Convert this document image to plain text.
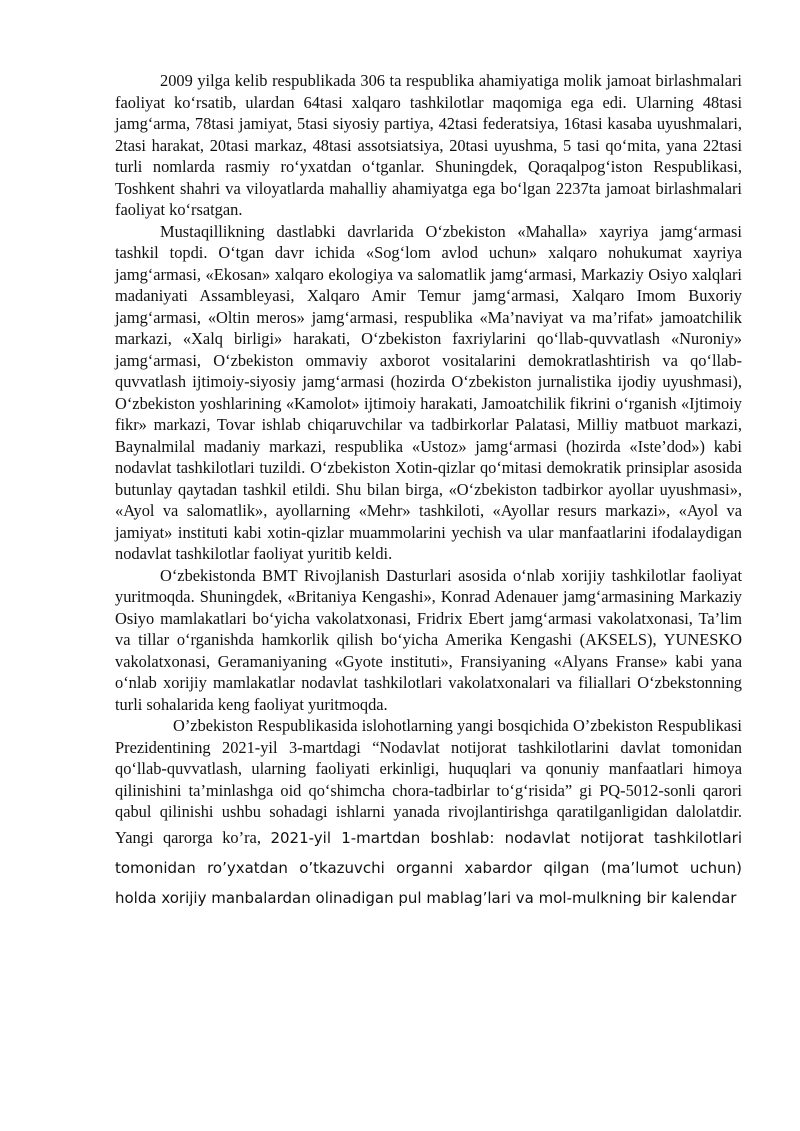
2009 yilga kelib respublikada 306 ta respublika ahamiyatiga molik jamoat birlashmalari faoliyat ko‘rsatib, ulardan 64tasi xalqaro tashkilotlar maqomiga ega edi. Ularning 48tasi jamg‘arma, 78tasi jamiyat, 5tasi siyosiy partiya, 42tasi federatsiya, 16tasi kasaba uyushmalari, 2tasi harakat, 20tasi markaz, 48tasi assotsiatsiya, 20tasi uyushma, 5 tasi qo‘mita, yana 22tasi turli nomlarda rasmiy ro‘yxatdan o‘tganlar. Shuningdek, Qoraqalpog‘iston Respublikasi, Toshkent shahri va viloyatlarda mahalliy ahamiyatga ega bo‘lgan 2237ta jamoat birlashmalari faoliyat ko‘rsatgan.

Mustaqillikning dastlabki davrlarida O‘zbekiston «Mahalla» xayriya jamg‘armasi tashkil topdi. O‘tgan davr ichida «Sog‘lom avlod uchun» xalqaro nohukumat xayriya jamg‘armasi, «Ekosan» xalqaro ekologiya va salomatlik jamg‘armasi, Markaziy Osiyo xalqlari madaniyati Assambleyasi, Xalqaro Amir Temur jamg‘armasi, Xalqaro Imom Buxoriy jamg‘armasi, «Oltin meros» jamg‘armasi, respublika «Ma’naviyat va ma’rifat» jamoatchilik markazi, «Xalq birligi» harakati, O‘zbekiston faxriylarini qo‘llab-quvvatlash «Nuroniy» jamg‘armasi, O‘zbekiston ommaviy axborot vositalarini demokratlashtirish va qo‘llab-quvvatlash ijtimoiy-siyosiy jamg‘armasi (hozirda O‘zbekiston jurnalistika ijodiy uyushmasi), O‘zbekiston yoshlarining «Kamolot» ijtimoiy harakati, Jamoatchilik fikrini o‘rganish «Ijtimoiy fikr» markazi, Tovar ishlab chiqaruvchilar va tadbirkorlar Palatasi, Milliy matbuot markazi, Baynalmilal madaniy markazi, respublika «Ustoz» jamg‘armasi (hozirda «Iste’dod») kabi nodavlat tashkilotlari tuzildi. O‘zbekiston Xotin-qizlar qo‘mitasi demokratik prinsiplar asosida butunlay qaytadan tashkil etildi. Shu bilan birga, «O‘zbekiston tadbirkor ayollar uyushmasi», «Ayol va salomatlik», ayollarning «Mehr» tashkiloti, «Ayollar resurs markazi», «Ayol va jamiyat» instituti kabi xotin-qizlar muammolarini yechish va ular manfaatlarini ifodalaydigan nodavlat tashkilotlar faoliyat yuritib keldi.

O‘zbekistonda BMT Rivojlanish Dasturlari asosida o‘nlab xorijiy tashkilotlar faoliyat yuritmoqda. Shuningdek, «Britaniya Kengashi», Konrad Adenauer jamg‘armasining Markaziy Osiyo mamlakatlari bo‘yicha vakolatxonasi, Fridrix Ebert jamg‘armasi vakolatxonasi, Ta’lim va tillar o‘rganishda hamkorlik qilish bo‘yicha Amerika Kengashi (AKSELS), YUNESKO vakolatxonasi, Geramaniyaning «Gyote instituti», Fransiyaning «Alyans Franse» kabi yana o‘nlab xorijiy mamlakatlar nodavlat tashkilotlari vakolatxonalari va filiallari O‘zbekstonning turli sohalarida keng faoliyat yuritmoqda.

O’zbekiston Respublikasida islohotlarning yangi bosqichida O’zbekiston Respublikasi Prezidentining 2021-yil 3-martdagi “Nodavlat notijorat tashkilotlarini davlat tomonidan qo‘llab-quvvatlash, ularning faoliyati erkinligi, huquqlari va qonuniy manfaatlari himoya qilinishini ta’minlashga oid qo‘shimcha chora-tadbirlar to‘g‘risida” gi PQ-5012-sonli qarori qabul qilinishi ushbu sohadagi ishlarni yanada rivojlantirishga qaratilganligidan dalolatdir. Yangi qarorga ko’ra, 2021-yil 1-martdan boshlab: nodavlat notijorat tashkilotlari tomonidan ro’yxatdan o’tkazuvchi organni xabardor qilgan (ma’lumot uchun) holda xorijiy manbalardan olinadigan pul mablag’lari va mol-mulkning bir kalendar
